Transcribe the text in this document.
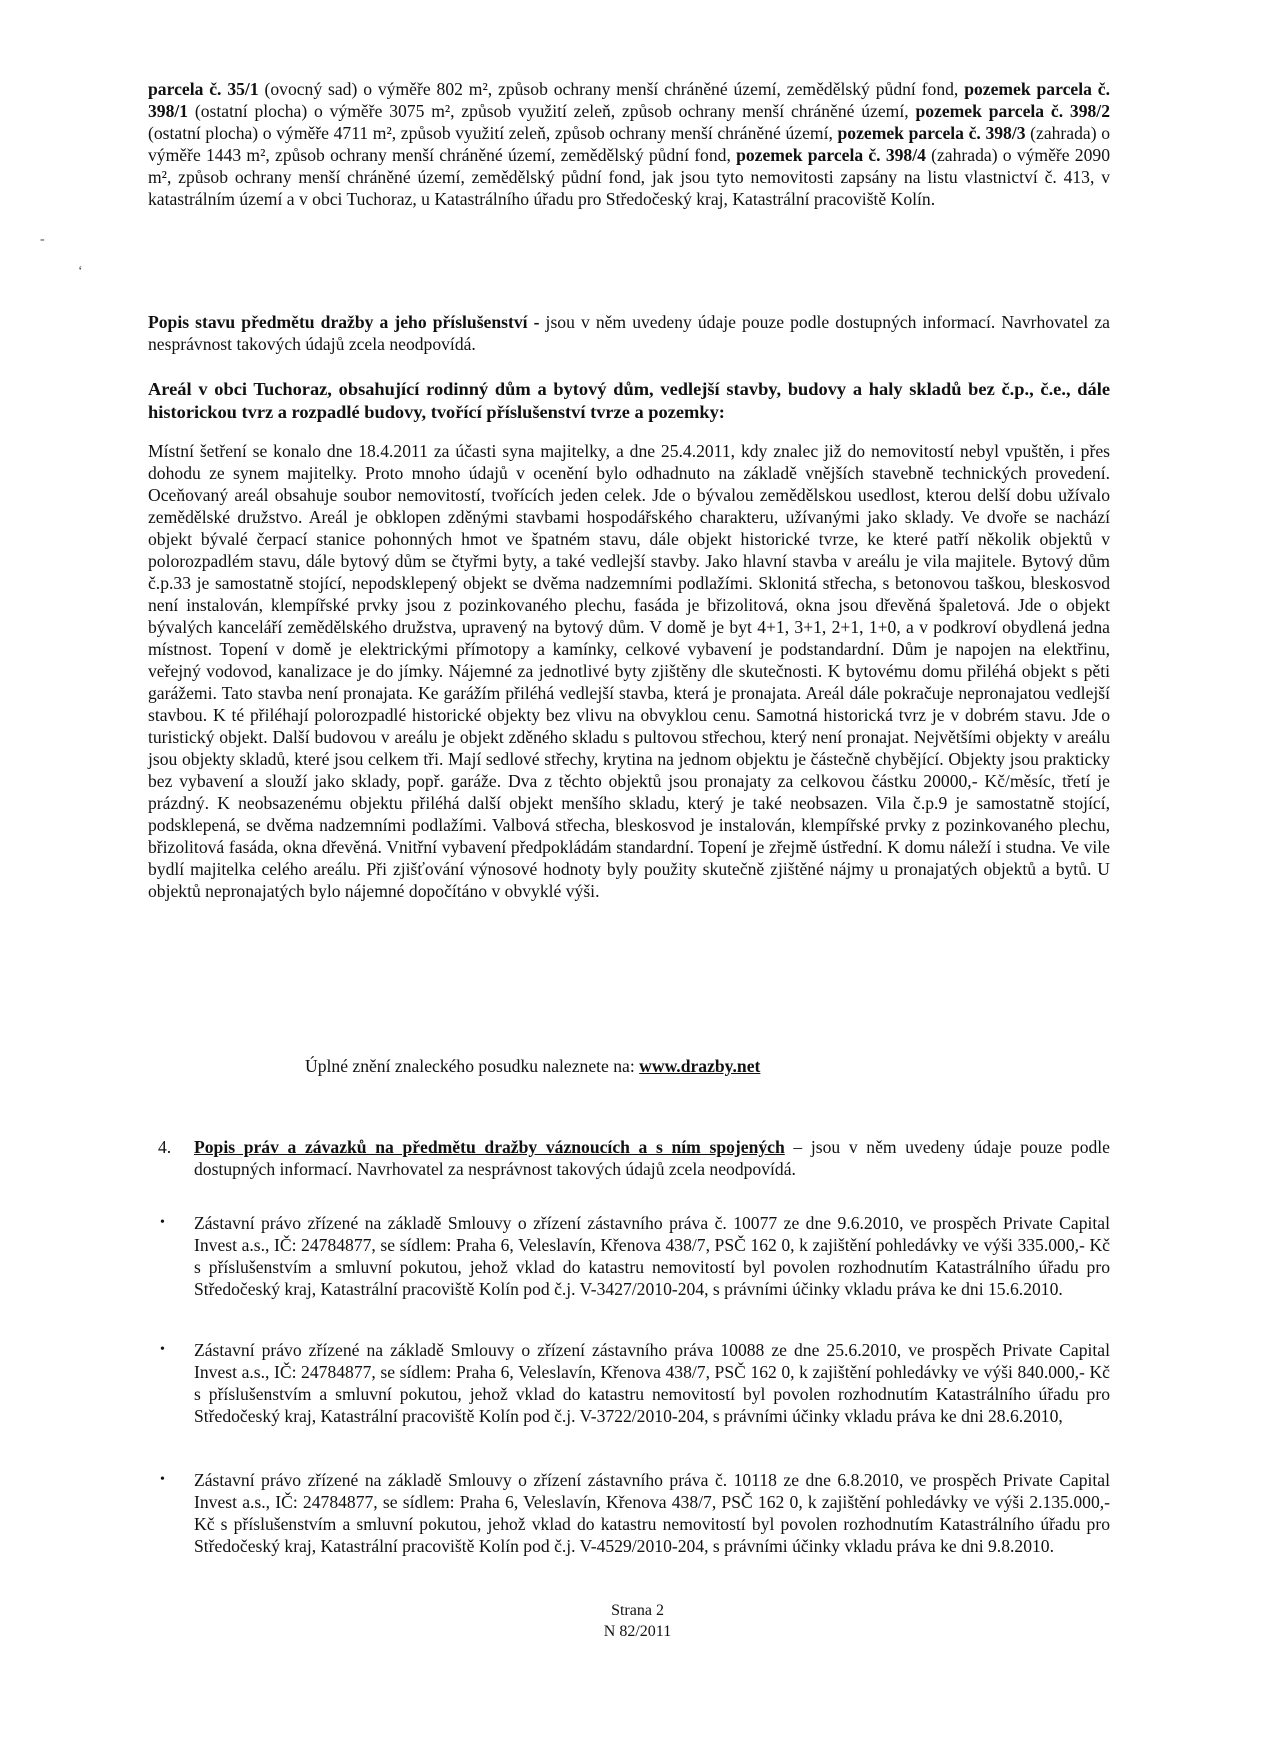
-
‘
parcela č. 35/1 (ovocný sad) o výměře 802 m², způsob ochrany menší chráněné území, zemědělský půdní fond, pozemek parcela č. 398/1 (ostatní plocha) o výměře 3075 m², způsob využití zeleň, způsob ochrany menší chráněné území, pozemek parcela č. 398/2 (ostatní plocha) o výměře 4711 m², způsob využití zeleň, způsob ochrany menší chráněné území, pozemek parcela č. 398/3 (zahrada) o výměře 1443 m², způsob ochrany menší chráněné území, zemědělský půdní fond, pozemek parcela č. 398/4 (zahrada) o výměře 2090 m², způsob ochrany menší chráněné území, zemědělský půdní fond, jak jsou tyto nemovitosti zapsány na listu vlastnictví č. 413, v katastrálním území a v obci Tuchoraz, u Katastrálního úřadu pro Středočeský kraj, Katastrální pracoviště Kolín.
Popis stavu předmětu dražby a jeho příslušenství - jsou v něm uvedeny údaje pouze podle dostupných informací. Navrhovatel za nesprávnost takových údajů zcela neodpovídá.
Areál v obci Tuchoraz, obsahující rodinný dům a bytový dům, vedlejší stavby, budovy a haly skladů bez č.p., č.e., dále historickou tvrz a rozpadlé budovy, tvořící příslušenství tvrze a pozemky:
Místní šetření se konalo dne 18.4.2011 za účasti syna majitelky, a dne 25.4.2011, kdy znalec již do nemovitostí nebyl vpuštěn, i přes dohodu ze synem majitelky. Proto mnoho údajů v ocenění bylo odhadnuto na základě vnějších stavebně technických provedení. Oceňovaný areál obsahuje soubor nemovitostí, tvořících jeden celek. Jde o bývalou zemědělskou usedlost, kterou delší dobu užívalo zemědělské družstvo. Areál je obklopen zděnými stavbami hospodářského charakteru, užívanými jako sklady. Ve dvoře se nachází objekt bývalé čerpací stanice pohonných hmot ve špatném stavu, dále objekt historické tvrze, ke které patří několik objektů v polorozpadlém stavu, dále bytový dům se čtyřmi byty, a také vedlejší stavby. Jako hlavní stavba v areálu je vila majitele. Bytový dům č.p.33 je samostatně stojící, nepodsklepený objekt se dvěma nadzemními podlažími. Sklonitá střecha, s betonovou taškou, bleskosvod není instalován, klempířské prvky jsou z pozinkovaného plechu, fasáda je břizolitová, okna jsou dřevěná špaletová. Jde o objekt bývalých kanceláří zemědělského družstva, upravený na bytový dům. V domě je byt 4+1, 3+1, 2+1, 1+0, a v podkroví obydlená jedna místnost. Topení v domě je elektrickými přímotopy a kamínky, celkové vybavení je podstandardní. Dům je napojen na elektřinu, veřejný vodovod, kanalizace je do jímky. Nájemné za jednotlivé byty zjištěny dle skutečnosti. K bytovému domu přiléhá objekt s pěti garážemi. Tato stavba není pronajata. Ke garážím přiléhá vedlejší stavba, která je pronajata. Areál dále pokračuje nepronajatou vedlejší stavbou. K té přiléhají polorozpadlé historické objekty bez vlivu na obvyklou cenu. Samotná historická tvrz je v dobrém stavu. Jde o turistický objekt. Další budovou v areálu je objekt zděného skladu s pultovou střechou, který není pronajat. Největšími objekty v areálu jsou objekty skladů, které jsou celkem tři. Mají sedlové střechy, krytina na jednom objektu je částečně chybějící. Objekty jsou prakticky bez vybavení a slouží jako sklady, popř. garáže. Dva z těchto objektů jsou pronajaty za celkovou částku 20000,- Kč/měsíc, třetí je prázdný. K neobsazenému objektu přiléhá další objekt menšího skladu, který je také neobsazen. Vila č.p.9 je samostatně stojící, podsklepená, se dvěma nadzemními podlažími. Valbová střecha, bleskosvod je instalován, klempířské prvky z pozinkovaného plechu, břizolitová fasáda, okna dřevěná. Vnitřní vybavení předpokládám standardní. Topení je zřejmě ústřední. K domu náleží i studna. Ve vile bydlí majitelka celého areálu. Při zjišťování výnosové hodnoty byly použity skutečně zjištěné nájmy u pronajatých objektů a bytů. U objektů nepronajatých bylo nájemné dopočítáno v obvyklé výši.
Úplné znění znaleckého posudku naleznete na: www.drazby.net
4. Popis práv a závazků na předmětu dražby váznoucích a s ním spojených – jsou v něm uvedeny údaje pouze podle dostupných informací. Navrhovatel za nesprávnost takových údajů zcela neodpovídá.
• Zástavní právo zřízené na základě Smlouvy o zřízení zástavního práva č. 10077 ze dne 9.6.2010, ve prospěch Private Capital Invest a.s., IČ: 24784877, se sídlem: Praha 6, Veleslavín, Křenova 438/7, PSČ 162 0, k zajištění pohledávky ve výši 335.000,- Kč s příslušenstvím a smluvní pokutou, jehož vklad do katastru nemovitostí byl povolen rozhodnutím Katastrálního úřadu pro Středočeský kraj, Katastrální pracoviště Kolín pod č.j. V-3427/2010-204, s právními účinky vkladu práva ke dni 15.6.2010.
• Zástavní právo zřízené na základě Smlouvy o zřízení zástavního práva 10088 ze dne 25.6.2010, ve prospěch Private Capital Invest a.s., IČ: 24784877, se sídlem: Praha 6, Veleslavín, Křenova 438/7, PSČ 162 0, k zajištění pohledávky ve výši 840.000,- Kč s příslušenstvím a smluvní pokutou, jehož vklad do katastru nemovitostí byl povolen rozhodnutím Katastrálního úřadu pro Středočeský kraj, Katastrální pracoviště Kolín pod č.j. V-3722/2010-204, s právními účinky vkladu práva ke dni 28.6.2010,
• Zástavní právo zřízené na základě Smlouvy o zřízení zástavního práva č. 10118 ze dne 6.8.2010, ve prospěch Private Capital Invest a.s., IČ: 24784877, se sídlem: Praha 6, Veleslavín, Křenova 438/7, PSČ 162 0, k zajištění pohledávky ve výši 2.135.000,- Kč s příslušenstvím a smluvní pokutou, jehož vklad do katastru nemovitostí byl povolen rozhodnutím Katastrálního úřadu pro Středočeský kraj, Katastrální pracoviště Kolín pod č.j. V-4529/2010-204, s právními účinky vkladu práva ke dni 9.8.2010.
Strana 2
N 82/2011
